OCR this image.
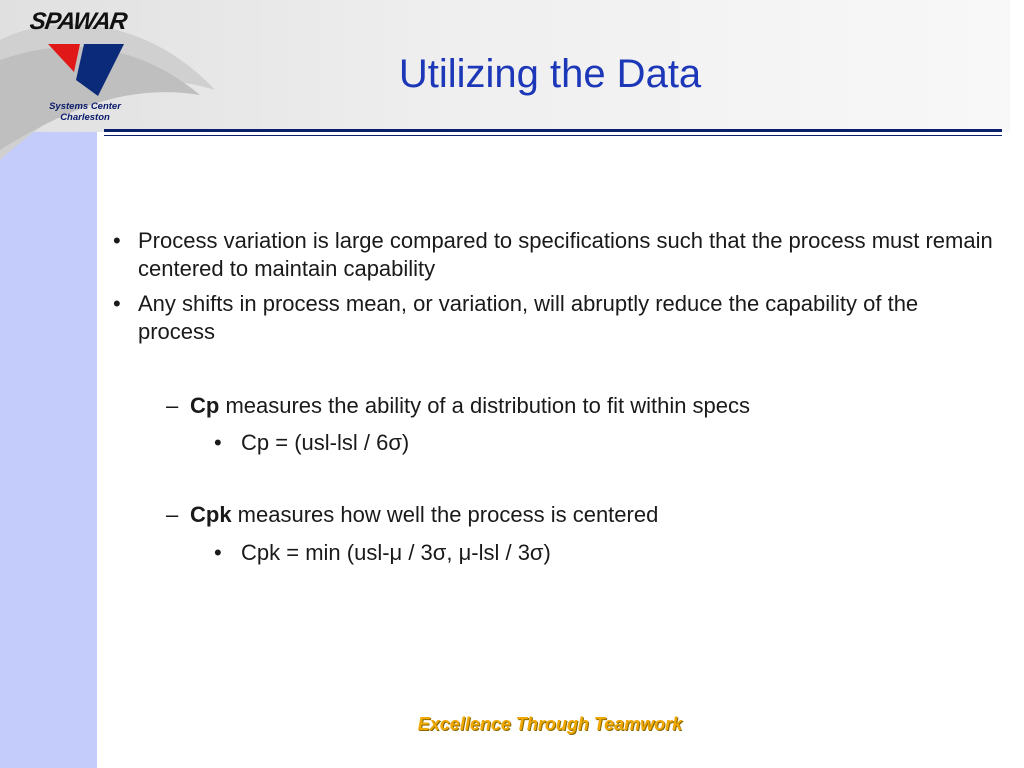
SPAWAR
Systems Center
Charleston
Utilizing the Data
• Process variation is large compared to specifications such that the process must remain centered to maintain capability
• Any shifts in process mean, or variation, will abruptly reduce the capability of the process
– Cp measures the ability of a distribution to fit within specs
• Cp = (usl-lsl / 6σ)
– Cpk measures how well the process is centered
• Cpk = min (usl-μ / 3σ, μ-lsl / 3σ)
Excellence Through Teamwork
